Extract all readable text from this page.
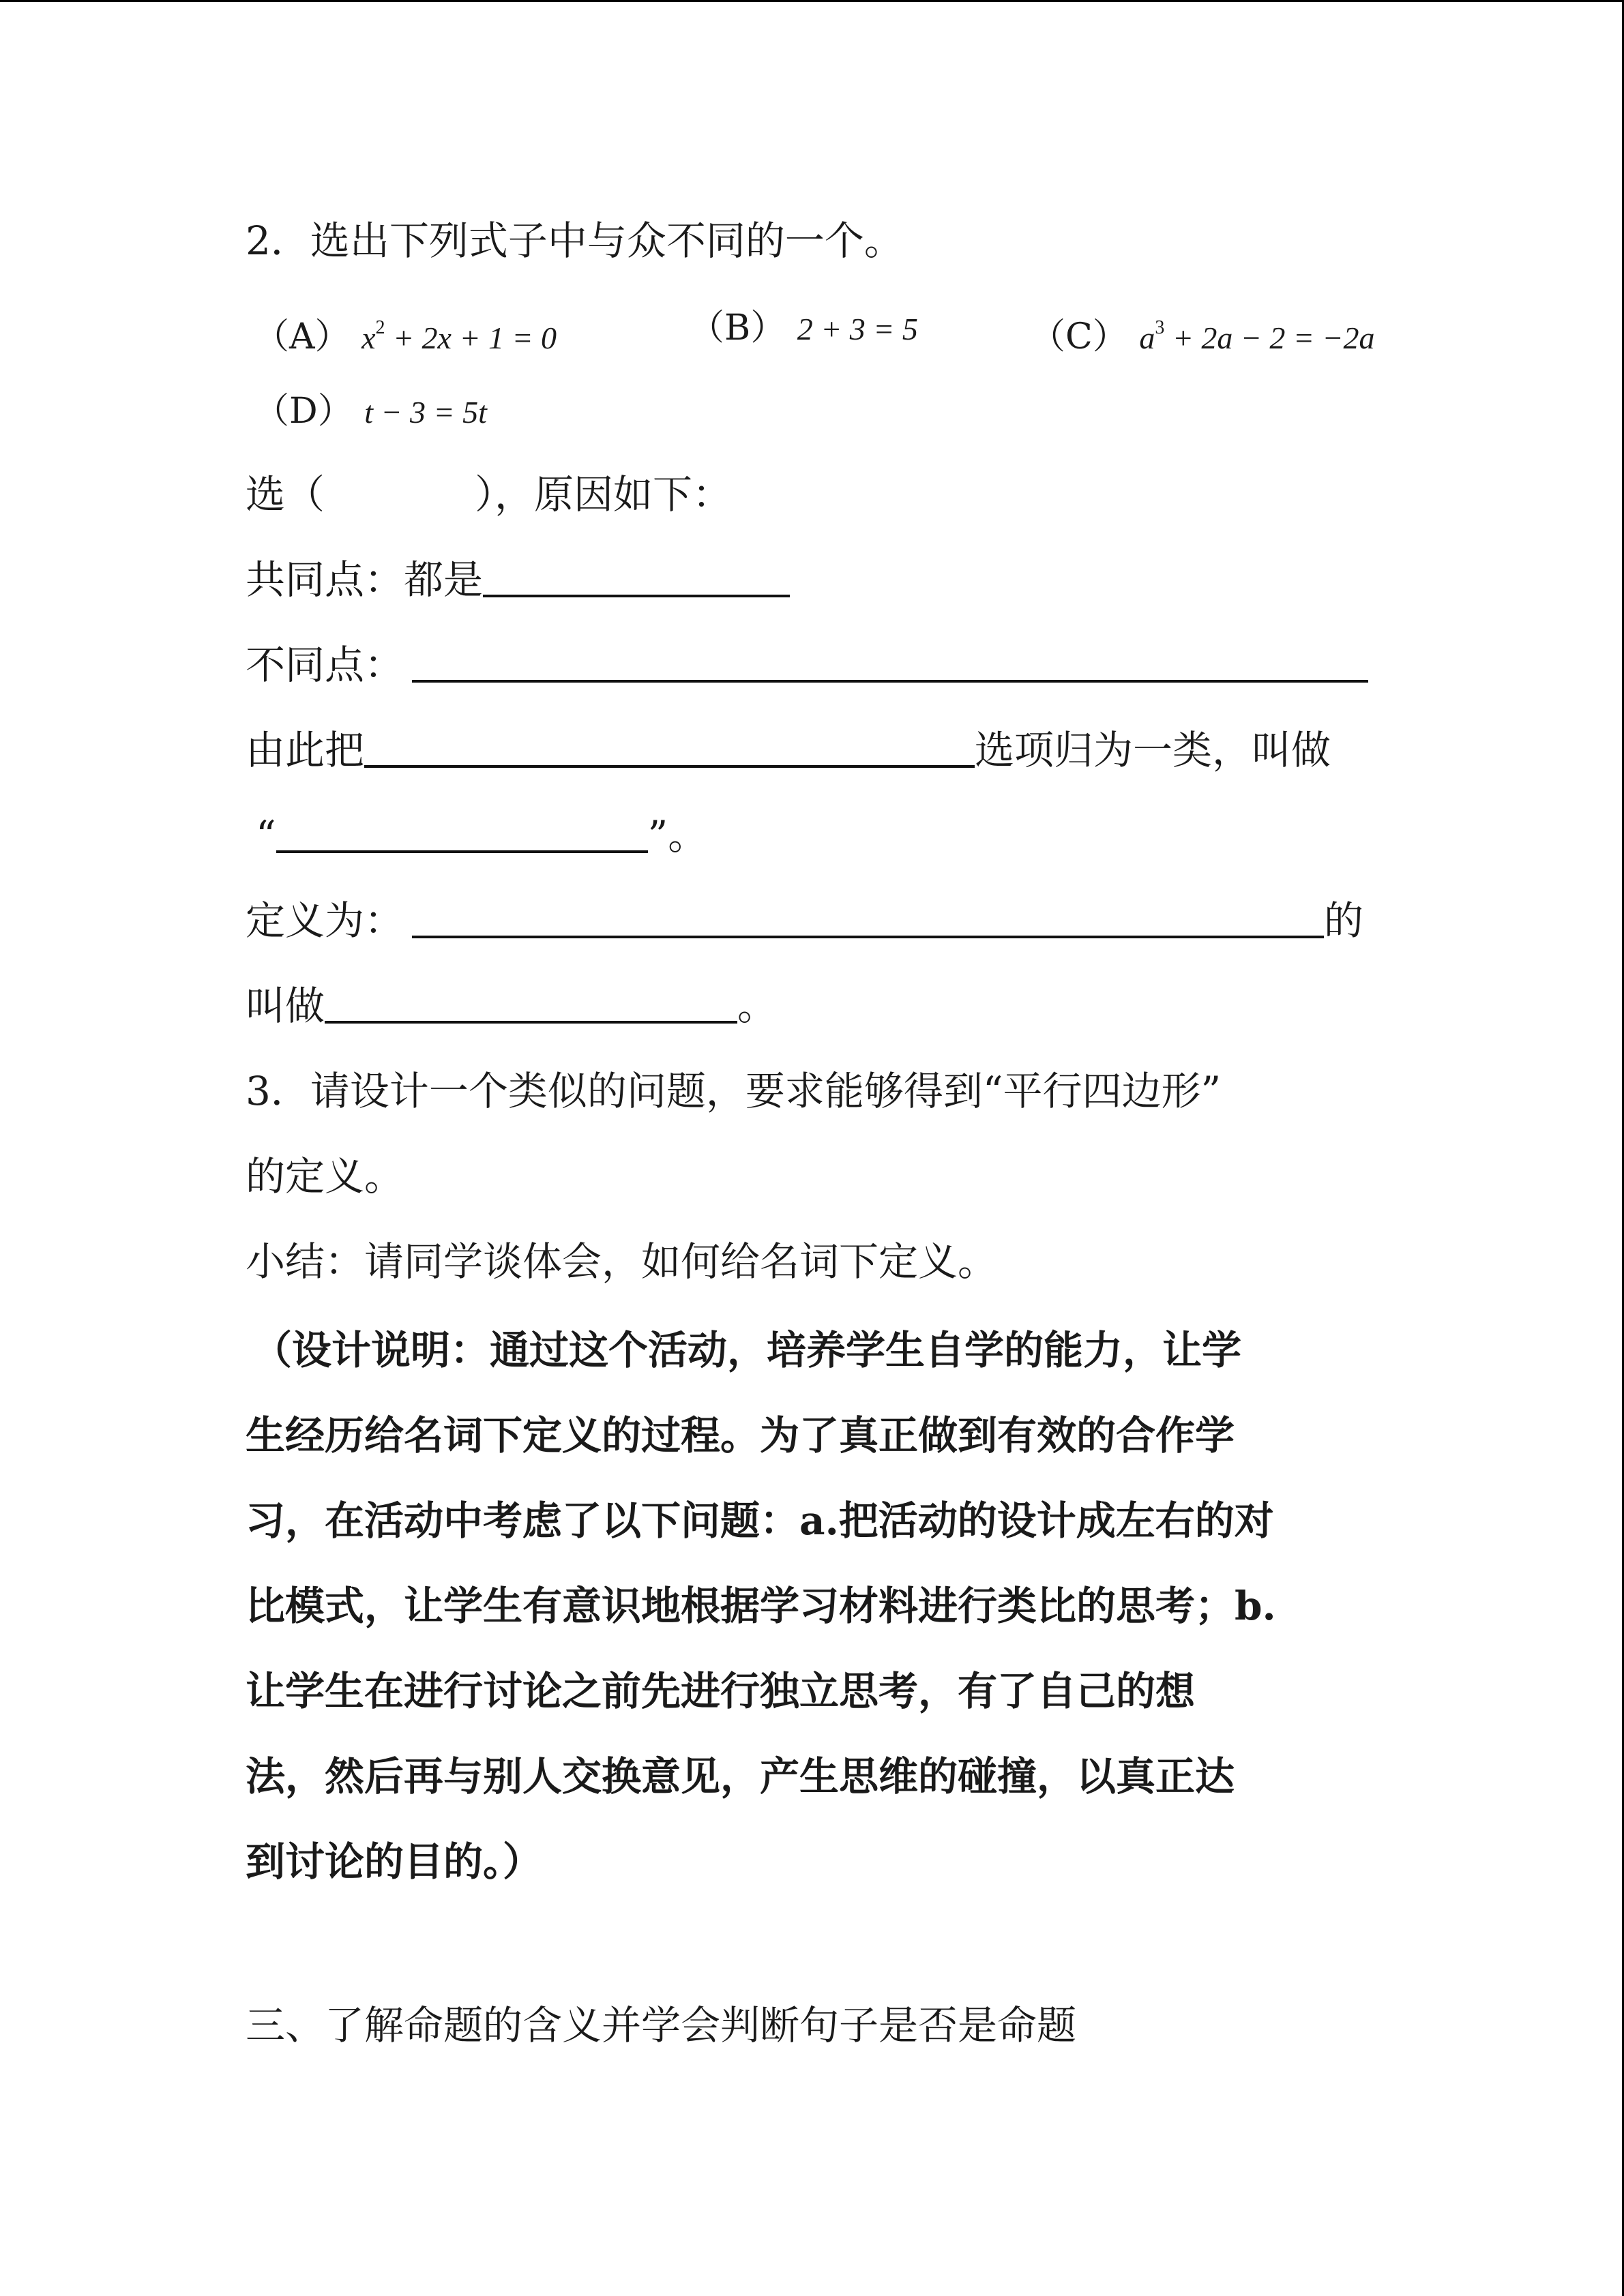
2．选出下列式子中与众不同的一个。
（A） $x^2 + 2x + 1 = 0$	（B） 2 + 3 = 5	（C） $a^3 + 2a - 2 = -2a$
（D） t − 3 = 5t
选（	），原因如下：
共同点：都是
不同点：
由此把	选项归为一类，叫做
“	”。
定义为：	的
叫做	。
3．请设计一个类似的问题，要求能够得到“平行四边形”
的定义。
小结：请同学谈体会，如何给名词下定义。
（设计说明：通过这个活动，培养学生自学的能力，让学
生经历给名词下定义的过程。为了真正做到有效的合作学
习，在活动中考虑了以下问题：a.把活动的设计成左右的对
比模式，让学生有意识地根据学习材料进行类比的思考；b.
让学生在进行讨论之前先进行独立思考，有了自己的想
法，然后再与别人交换意见，产生思维的碰撞，以真正达
到讨论的目的。）
三、了解命题的含义并学会判断句子是否是命题
